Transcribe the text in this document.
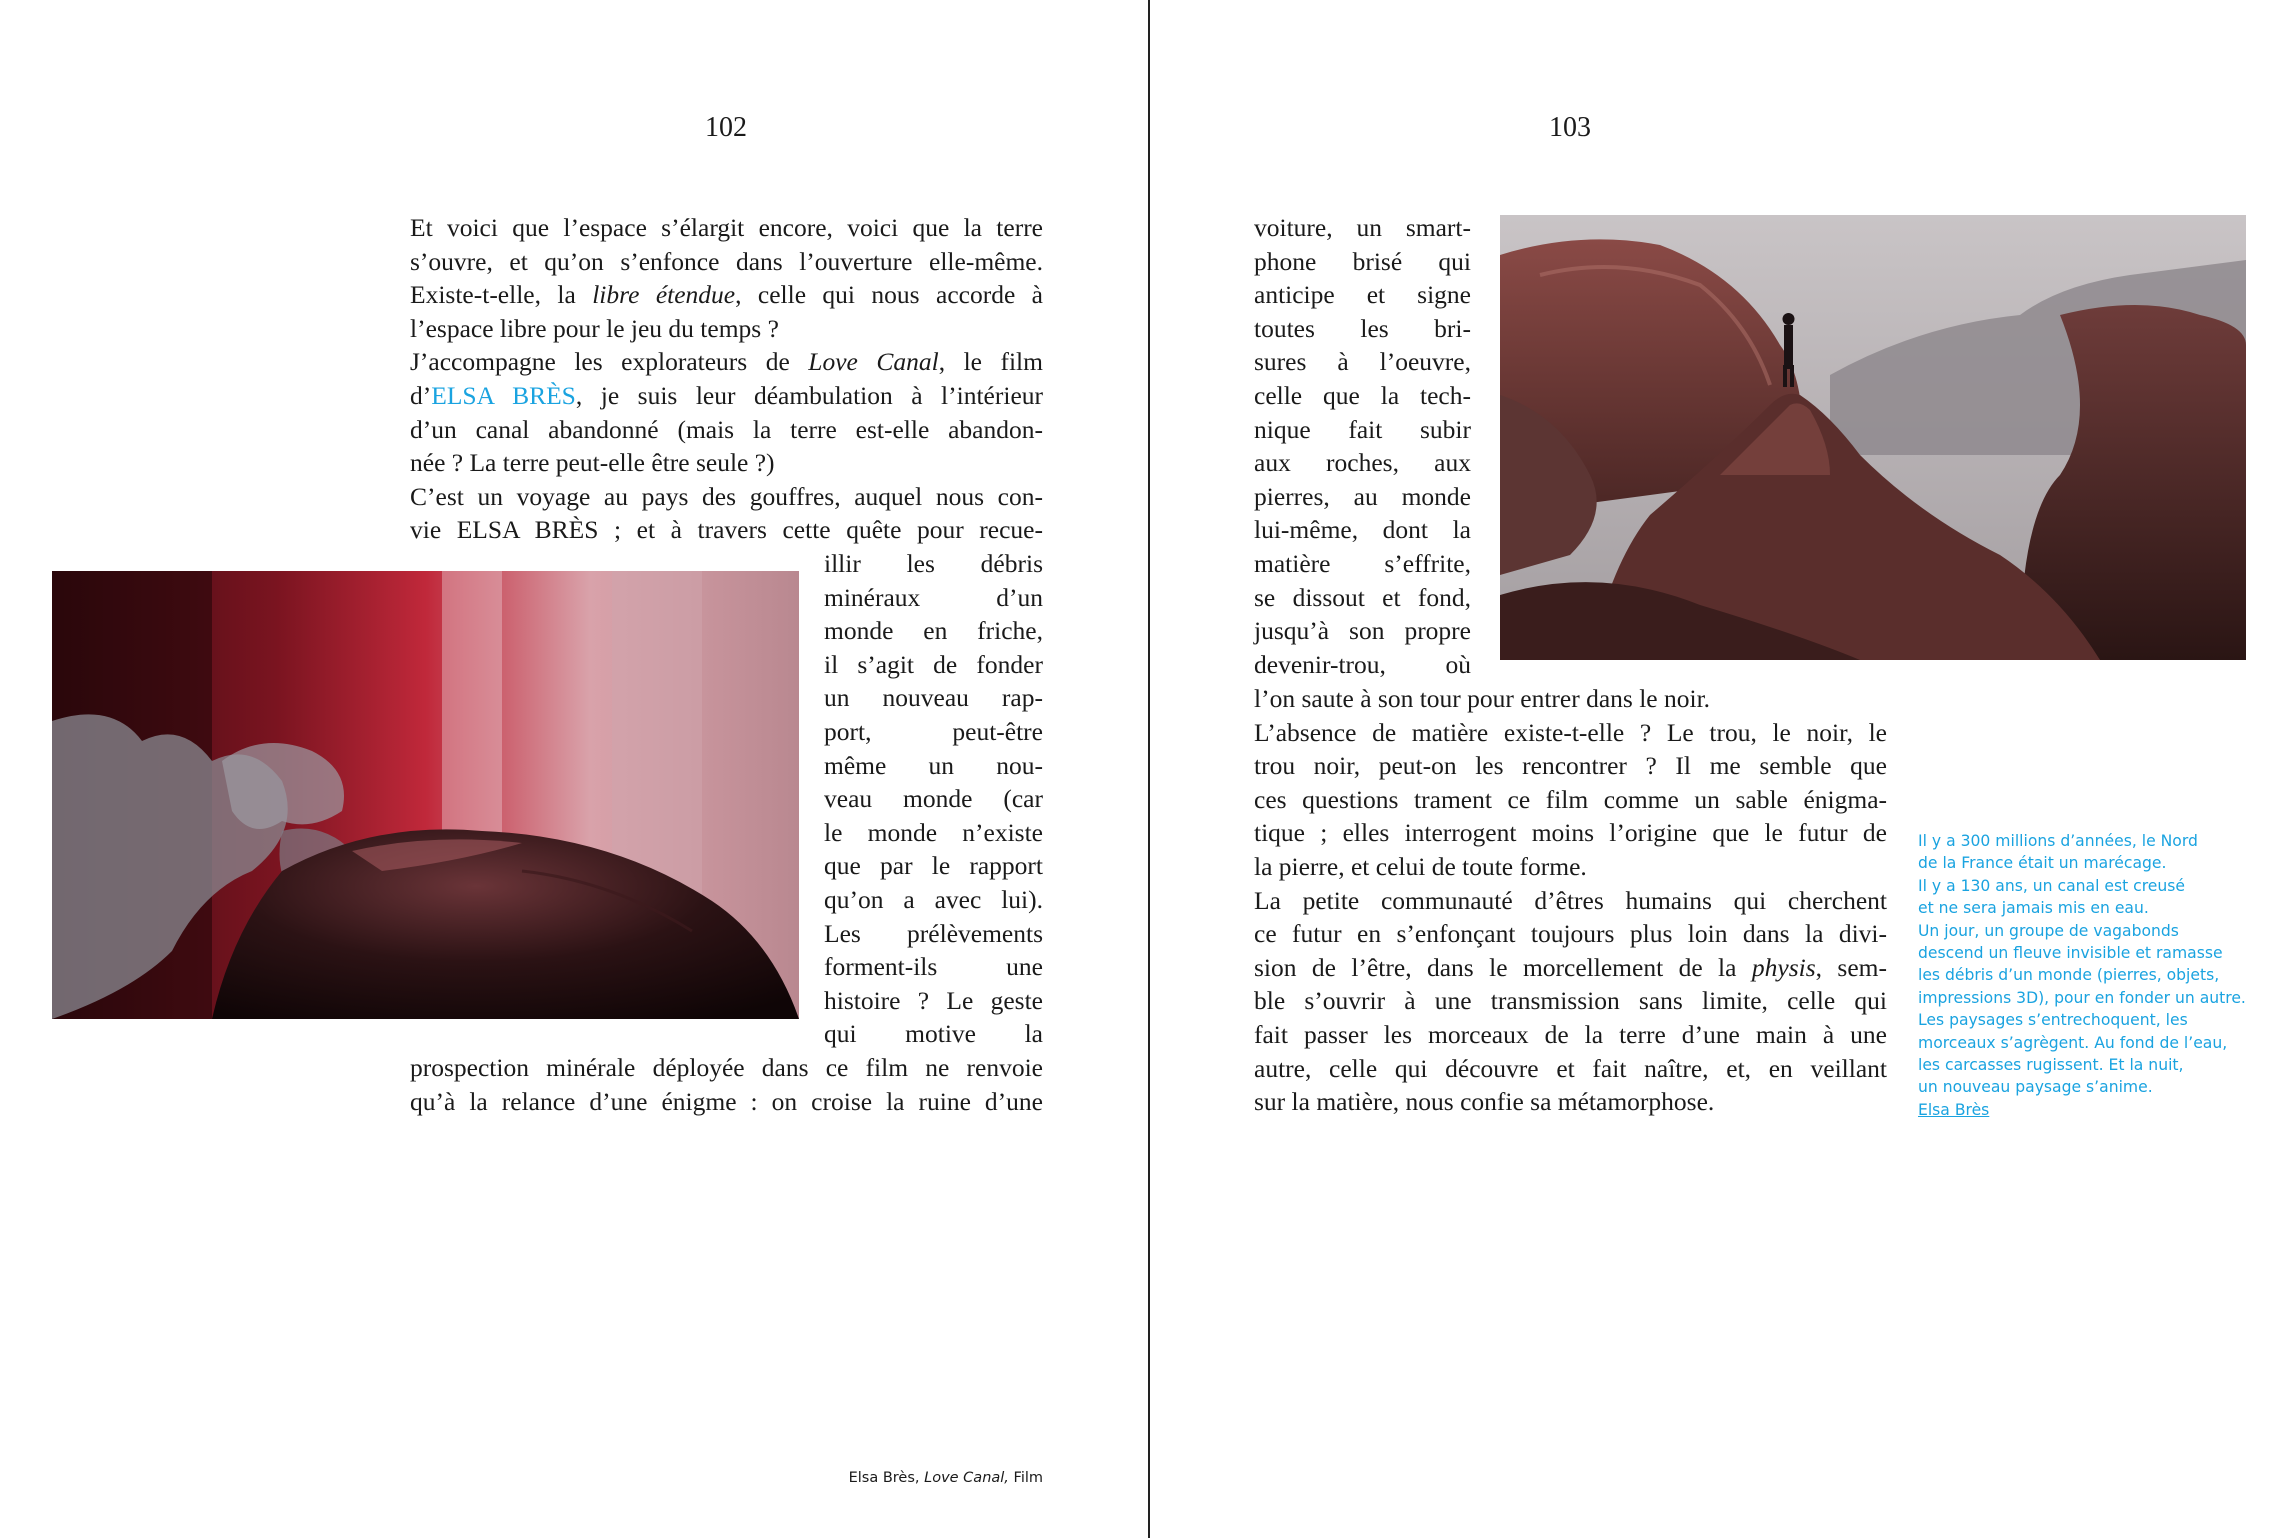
102
Et voici que l’espace s’élargit encore, voici que la terre
s’ouvre, et qu’on s’enfonce dans l’ouverture elle-même.
Existe-t-elle, la libre étendue, celle qui nous accorde à
l’espace libre pour le jeu du temps ?
J’accompagne les explorateurs de Love Canal, le film
d’ELSA BRÈS, je suis leur déambulation à l’intérieur
d’un canal abandonné (mais la terre est-elle abandon-
née ? La terre peut-elle être seule ?)
C’est un voyage au pays des gouffres, auquel nous con-
vie ELSA BRÈS ; et à travers cette quête pour recue-
illir les débris
minéraux d’un
monde en friche,
il s’agit de fonder
un nouveau rap-
port, peut-être
même un nou-
veau monde (car
le monde n’existe
que par le rapport
qu’on a avec lui).
Les prélèvements
forment-ils une
histoire ? Le geste
qui motive la
prospection minérale déployée dans ce film ne renvoie
qu’à la relance d’une énigme : on croise la ruine d’une
Elsa Brès, Love Canal, Film
103
voiture, un smart-
phone brisé qui
anticipe et signe
toutes les bri-
sures à l’oeuvre,
celle que la tech-
nique fait subir
aux roches, aux
pierres, au monde
lui-même, dont la
matière s’effrite,
se dissout et fond,
jusqu’à son propre
devenir-trou, où
l’on saute à son tour pour entrer dans le noir.
L’absence de matière existe-t-elle ? Le trou, le noir, le
trou noir, peut-on les rencontrer ? Il me semble que
ces questions trament ce film comme un sable énigma-
tique ; elles interrogent moins l’origine que le futur de
la pierre, et celui de toute forme.
La petite communauté d’êtres humains qui cherchent
ce futur en s’enfonçant toujours plus loin dans la divi-
sion de l’être, dans le morcellement de la physis, sem-
ble s’ouvrir à une transmission sans limite, celle qui
fait passer les morceaux de la terre d’une main à une
autre, celle qui découvre et fait naître, et, en veillant
sur la matière, nous confie sa métamorphose.
Il y a 300 millions d’années, le Nord
de la France était un marécage.
Il y a 130 ans, un canal est creusé
et ne sera jamais mis en eau.
Un jour, un groupe de vagabonds
descend un fleuve invisible et ramasse
les débris d’un monde (pierres, objets,
impressions 3D), pour en fonder un autre.
Les paysages s’entrechoquent, les
morceaux s’agrègent. Au fond de l’eau,
les carcasses rugissent. Et la nuit,
un nouveau paysage s’anime.
Elsa Brès
